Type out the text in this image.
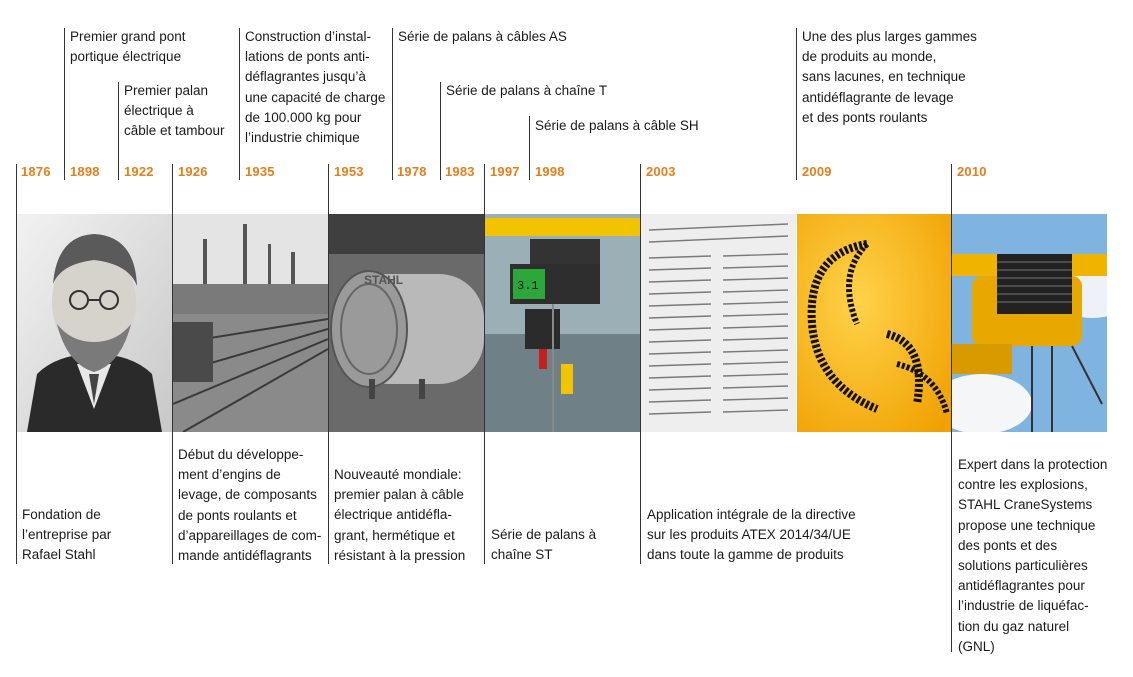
1876 1898 1922 1926	1935	1953	1978 1983 1997 1998	2003	2009	2010
Premier grand pont
portique électrique
Premier palan
électrique à
câble et tambour
Construction d’instal-
lations de ponts anti-
déflagrantes jusqu’à
une capacité de charge
de 100.000 kg pour
l’industrie chimique
Série de palans à câbles AS
Série de palans à chaîne T
Série de palans à câble SH
Une des plus larges gammes
de produits au monde,
sans lacunes, en technique
antidéflagrante de levage
et des ponts roulants
STAHL	3.1
Fondation de
l’entreprise par
Rafael Stahl
Début du développe-
ment d’engins de
levage, de composants
de ponts roulants et
d’appareillages de com-
mande antidéflagrants
Nouveauté mondiale:
premier palan à câble
électrique antidéfla-
grant, hermétique et
résistant à la pression
Série de palans à
chaîne ST
Application intégrale de la directive
sur les produits ATEX 2014/34/UE
dans toute la gamme de produits
Expert dans la protection
contre les explosions,
STAHL CraneSystems
propose une technique
des ponts et des
solutions particulières
antidéflagrantes pour
l’industrie de liquéfac-
tion du gaz naturel
(GNL)
